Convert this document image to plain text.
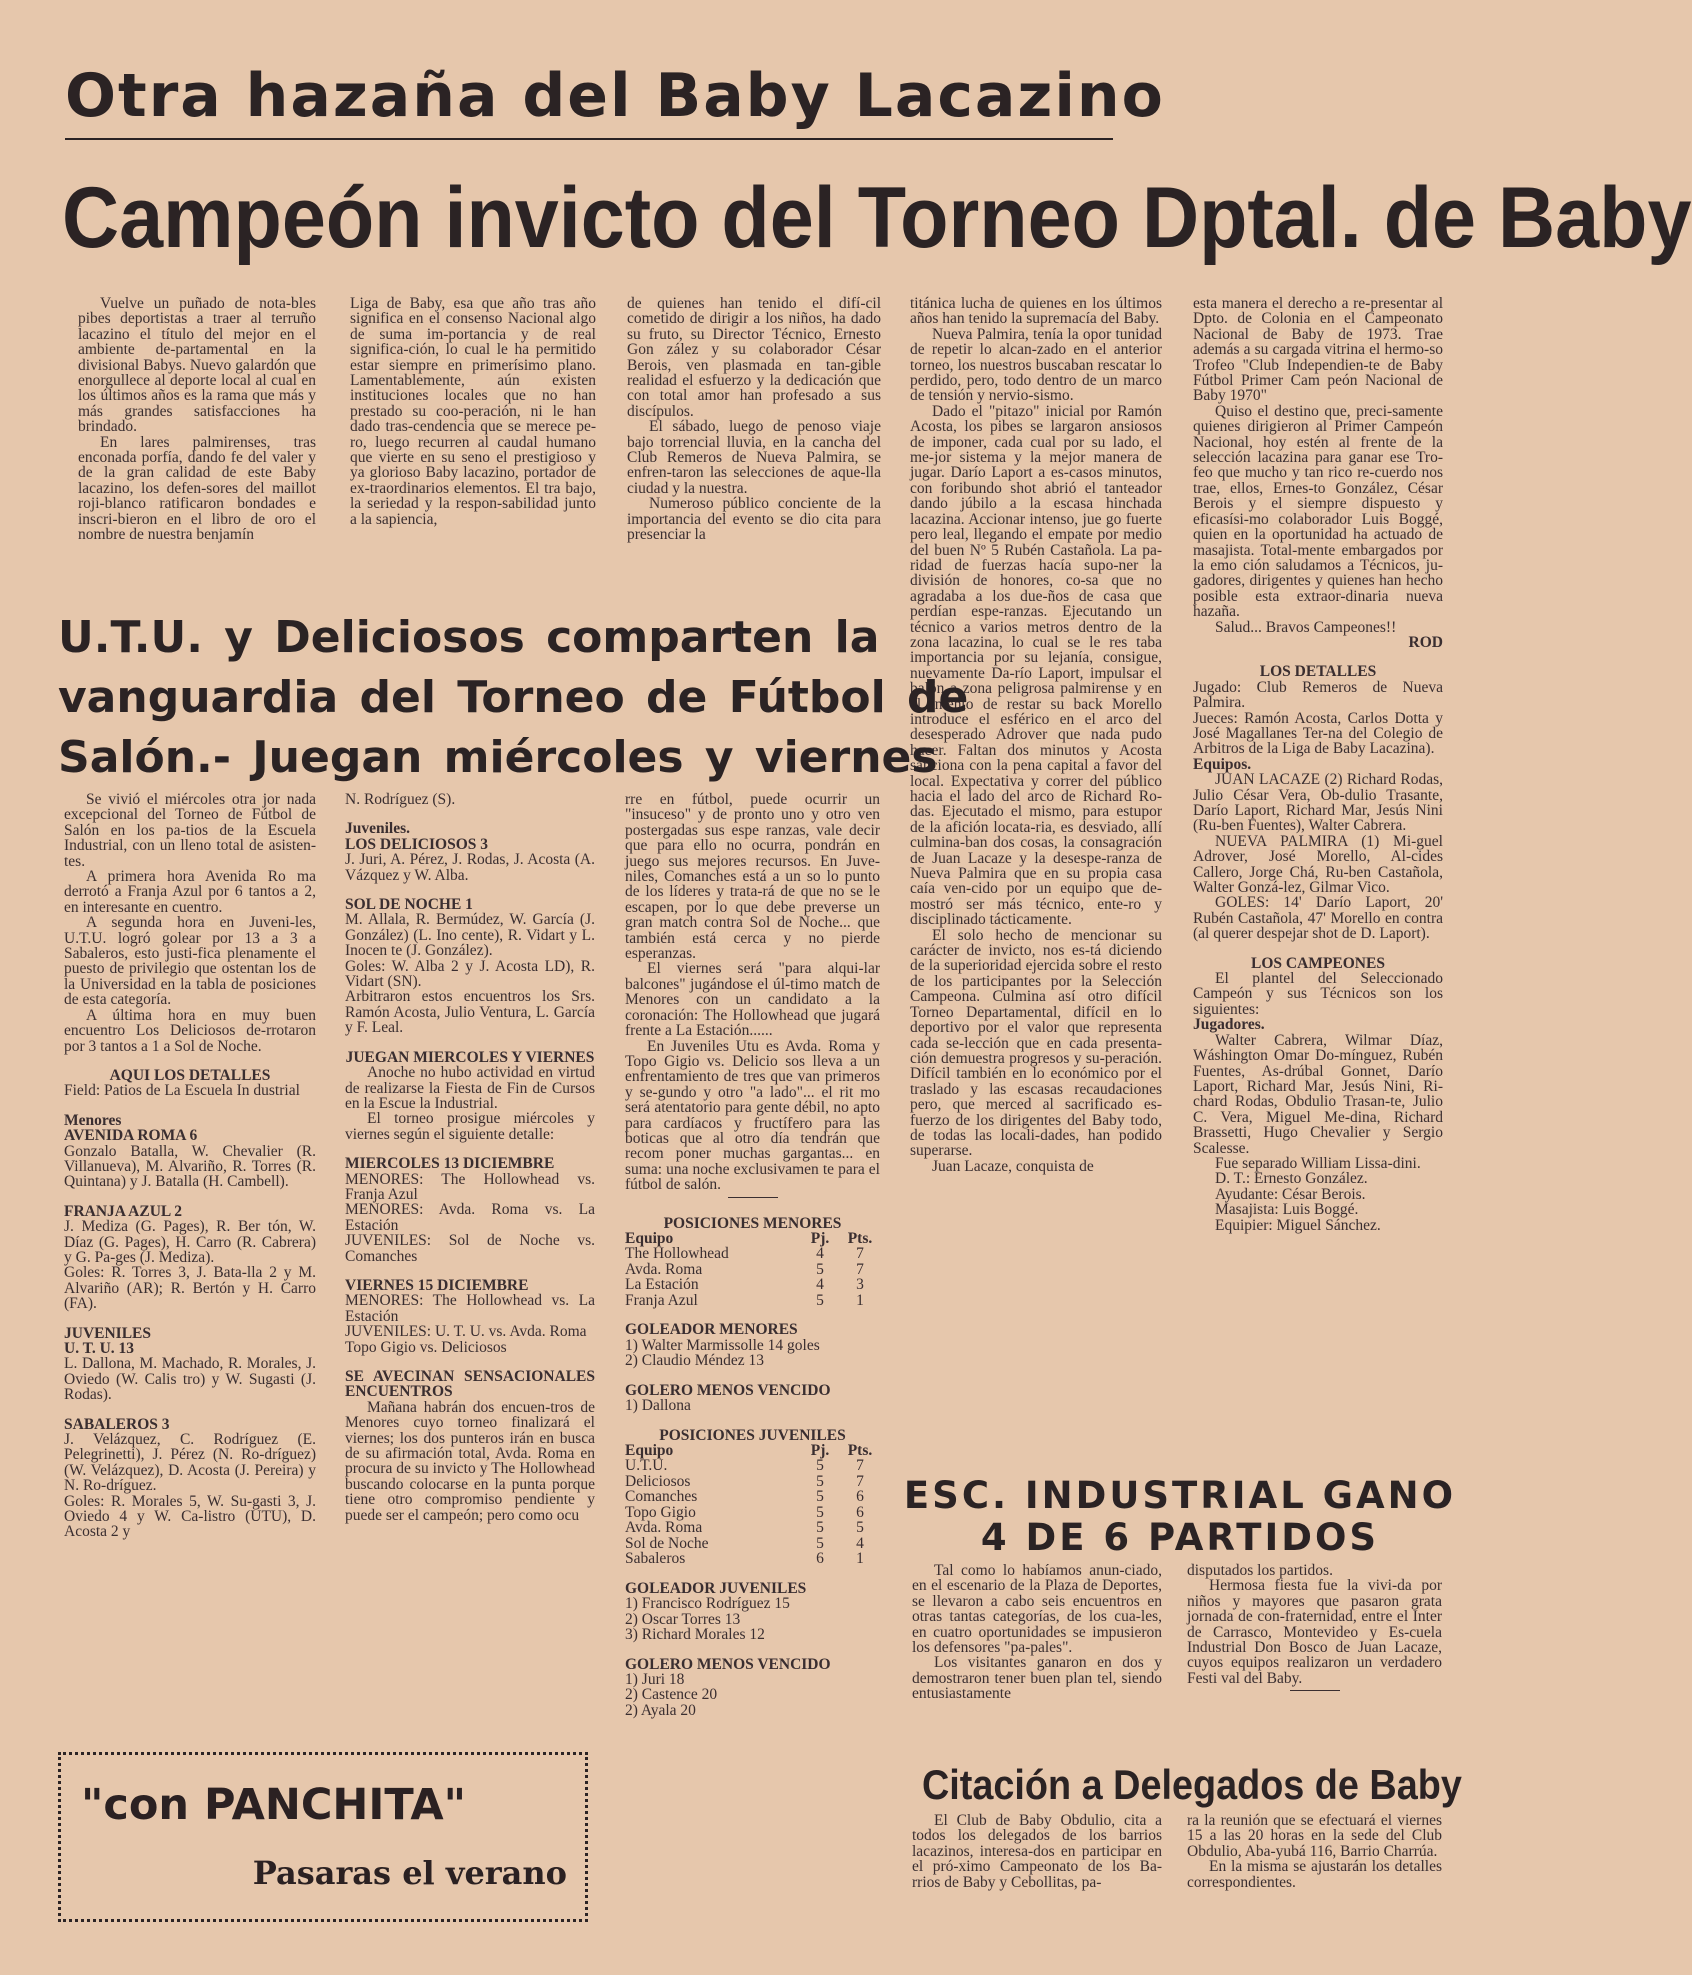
Otra hazaña del Baby Lacazino
Campeón invicto del Torneo Dptal. de Baby

Vuelve un puñado de nota-bles pibes deportistas a traer al terruño lacazino el título del mejor en el ambiente de-partamental en la divisional Babys. Nuevo galardón que enorgullece al deporte local al cual en los últimos años es la rama que más y más grandes satisfacciones ha brindado.

En lares palmirenses, tras enconada porfía, dando fe del valer y de la gran calidad de este Baby lacazino, los defen-sores del maillot roji-blanco ratificaron bondades e inscri-bieron en el libro de oro el nombre de nuestra benjamín

Liga de Baby, esa que año tras año significa en el consenso Nacional algo de suma im-portancia y de real significa-ción, lo cual le ha permitido estar siempre en primerísimo plano. Lamentablemente, aún existen instituciones locales que no han prestado su coo-peración, ni le han dado tras-cendencia que se merece pe-ro, luego recurren al caudal humano que vierte en su seno el prestigioso y ya glorioso Baby lacazino, portador de ex-traordinarios elementos. El tra bajo, la seriedad y la respon-sabilidad junto a la sapiencia,

de quienes han tenido el difí-cil cometido de dirigir a los niños, ha dado su fruto, su Director Técnico, Ernesto Gon zález y su colaborador César Berois, ven plasmada en tan-gible realidad el esfuerzo y la dedicación que con total amor han profesado a sus discípulos.

El sábado, luego de penoso viaje bajo torrencial lluvia, en la cancha del Club Remeros de Nueva Palmira, se enfren-taron las selecciones de aque-lla ciudad y la nuestra.

Numeroso público conciente de la importancia del evento se dio cita para presenciar la

titánica lucha de quienes en los últimos años han tenido la supremacía del Baby.

Nueva Palmira, tenía la opor tunidad de repetir lo alcan-zado en el anterior torneo, los nuestros buscaban rescatar lo perdido, pero, todo dentro de un marco de tensión y nervio-sismo.

Dado el "pitazo" inicial por Ramón Acosta, los pibes se largaron ansiosos de imponer, cada cual por su lado, el me-jor sistema y la mejor manera de jugar. Darío Laport a es-casos minutos, con foribundo shot abrió el tanteador dando júbilo a la escasa hinchada lacazina. Accionar intenso, jue go fuerte pero leal, llegando el empate por medio del buen Nº 5 Rubén Castañola. La pa-ridad de fuerzas hacía supo-ner la división de honores, co-sa que no agradaba a los due-ños de casa que perdían espe-ranzas. Ejecutando un técnico a varios metros dentro de la zona lacazina, lo cual se le res taba importancia por su lejanía, consigue, nuevamente Da-río Laport, impulsar el balón a zona peligrosa palmirense y en el intento de restar su back Morello introduce el esférico en el arco del desesperado Adrover que nada pudo hacer. Faltan dos minutos y Acosta sanciona con la pena capital a favor del local. Expectativa y correr del público hacia el lado del arco de Richard Ro-das. Ejecutado el mismo, para estupor de la afición locata-ria, es desviado, allí culmina-ban dos cosas, la consagración de Juan Lacaze y la desespe-ranza de Nueva Palmira que en su propia casa caía ven-cido por un equipo que de-mostró ser más técnico, ente-ro y disciplinado tácticamente.

El solo hecho de mencionar su carácter de invicto, nos es-tá diciendo de la superioridad ejercida sobre el resto de los participantes por la Selección Campeona. Culmina así otro difícil Torneo Departamental, difícil en lo deportivo por el valor que representa cada se-lección que en cada presenta-ción demuestra progresos y su-peración. Difícil también en lo económico por el traslado y las escasas recaudaciones pero, que merced al sacrificado es-fuerzo de los dirigentes del Baby todo, de todas las locali-dades, han podido superarse.

Juan Lacaze, conquista de

esta manera el derecho a re-presentar al Dpto. de Colonia en el Campeonato Nacional de Baby de 1973. Trae además a su cargada vitrina el hermo-so Trofeo "Club Independien-te de Baby Fútbol Primer Cam peón Nacional de Baby 1970"

Quiso el destino que, preci-samente quienes dirigieron al Primer Campeón Nacional, hoy estén al frente de la selección lacazina para ganar ese Tro-feo que mucho y tan rico re-cuerdo nos trae, ellos, Ernes-to González, César Berois y el siempre dispuesto y eficasísi-mo colaborador Luis Boggé, quien en la oportunidad ha actuado de masajista. Total-mente embargados por la emo ción saludamos a Técnicos, ju-gadores, dirigentes y quienes han hecho posible esta extraor-dinaria nueva hazaña.

Salud... Bravos Campeones!!

ROD

LOS DETALLES

Jugado: Club Remeros de Nueva Palmira.

Jueces: Ramón Acosta, Carlos Dotta y José Magallanes Ter-na del Colegio de Arbitros de la Liga de Baby Lacazina).

Equipos.

JUAN LACAZE (2) Richard Rodas, Julio César Vera, Ob-dulio Trasante, Darío Laport, Richard Mar, Jesús Nini (Ru-ben Fuentes), Walter Cabrera.

NUEVA PALMIRA (1) Mi-guel Adrover, José Morello, Al-cides Callero, Jorge Chá, Ru-ben Castañola, Walter Gonzá-lez, Gilmar Vico.

GOLES: 14' Darío Laport, 20' Rubén Castañola, 47' Morello en contra (al querer despejar shot de D. Laport).

LOS CAMPEONES

El plantel del Seleccionado Campeón y sus Técnicos son los siguientes:

Jugadores.

Walter Cabrera, Wilmar Díaz, Wáshington Omar Do-mínguez, Rubén Fuentes, As-drúbal Gonnet, Darío Laport, Richard Mar, Jesús Nini, Ri-chard Rodas, Obdulio Trasan-te, Julio C. Vera, Miguel Me-dina, Richard Brassetti, Hugo Chevalier y Sergio Scalesse.

Fue separado William Lissa-dini.

D. T.: Ernesto González.

Ayudante: César Berois.

Masajista: Luis Boggé.

Equipier: Miguel Sánchez.

U.T.U. y Deliciosos comparten la
vanguardia del Torneo de Fútbol de
Salón.- Juegan miércoles y viernes

Se vivió el miércoles otra jor nada excepcional del Torneo de Fútbol de Salón en los pa-tios de la Escuela Industrial, con un lleno total de asisten-tes.

A primera hora Avenida Ro ma derrotó a Franja Azul por 6 tantos a 2, en interesante en cuentro.

A segunda hora en Juveni-les, U.T.U. logró golear por 13 a 3 a Sabaleros, esto justi-fica plenamente el puesto de privilegio que ostentan los de la Universidad en la tabla de posiciones de esta categoría.

A última hora en muy buen encuentro Los Deliciosos de-rrotaron por 3 tantos a 1 a Sol de Noche.

AQUI LOS DETALLES

Field: Patios de La Escuela In dustrial

Menores

AVENIDA ROMA 6

Gonzalo Batalla, W. Chevalier (R. Villanueva), M. Alvariño, R. Torres (R. Quintana) y J. Batalla (H. Cambell).

FRANJA AZUL 2

J. Mediza (G. Pages), R. Ber tón, W. Díaz (G. Pages), H. Carro (R. Cabrera) y G. Pa-ges (J. Mediza).

Goles: R. Torres 3, J. Bata-lla 2 y M. Alvariño (AR); R. Bertón y H. Carro (FA).

JUVENILES

U. T. U. 13

L. Dallona, M. Machado, R. Morales, J. Oviedo (W. Calis tro) y W. Sugasti (J. Rodas).

SABALEROS 3

J. Velázquez, C. Rodríguez (E. Pelegrinetti), J. Pérez (N. Ro-dríguez) (W. Velázquez), D. Acosta (J. Pereira) y N. Ro-dríguez.

Goles: R. Morales 5, W. Su-gasti 3, J. Oviedo 4 y W. Ca-listro (UTU), D. Acosta 2 y

N. Rodríguez (S).

Juveniles.

LOS DELICIOSOS 3

J. Juri, A. Pérez, J. Rodas, J. Acosta (A. Vázquez y W. Alba.

SOL DE NOCHE 1

M. Allala, R. Bermúdez, W. García (J. González) (L. Ino cente), R. Vidart y L. Inocen te (J. González).

Goles: W. Alba 2 y J. Acosta LD), R. Vidart (SN).

Arbitraron estos encuentros los Srs. Ramón Acosta, Julio Ventura, L. García y F. Leal.

JUEGAN MIERCOLES Y VIERNES

Anoche no hubo actividad en virtud de realizarse la Fiesta de Fin de Cursos en la Escue la Industrial.

El torneo prosigue miércoles y viernes según el siguiente detalle:

MIERCOLES 13 DICIEMBRE

MENORES: The Hollowhead vs. Franja Azul

MENORES: Avda. Roma vs. La Estación

JUVENILES: Sol de Noche vs. Comanches

VIERNES 15 DICIEMBRE

MENORES: The Hollowhead vs. La Estación

JUVENILES: U. T. U. vs. Avda. Roma

Topo Gigio vs. Deliciosos

SE AVECINAN SENSACIONALES ENCUENTROS

Mañana habrán dos encuen-tros de Menores cuyo torneo finalizará el viernes; los dos punteros irán en busca de su afirmación total, Avda. Roma en procura de su invicto y The Hollowhead buscando colocarse en la punta porque tiene otro compromiso pendiente y puede ser el campeón; pero como ocu

rre en fútbol, puede ocurrir un "insuceso" y de pronto uno y otro ven postergadas sus espe ranzas, vale decir que para ello no ocurra, pondrán en juego sus mejores recursos. En Juve-niles, Comanches está a un so lo punto de los líderes y trata-rá de que no se le escapen, por lo que debe preverse un gran match contra Sol de Noche... que también está cerca y no pierde esperanzas.

El viernes será "para alqui-lar balcones" jugándose el úl-timo match de Menores con un candidato a la coronación: The Hollowhead que jugará frente a La Estación......

En Juveniles Utu es Avda. Roma y Topo Gigio vs. Delicio sos lleva a un enfrentamiento de tres que van primeros y se-gundo y otro "a lado"... el rit mo será atentatorio para gente débil, no apto para cardíacos y fructífero para las boticas que al otro día tendrán que recom poner muchas gargantas... en suma: una noche exclusivamen te para el fútbol de salón.

POSICIONES MENORES

Equipo	Pj.	Pts.
The Hollowhead	4	7
Avda. Roma	5	7
La Estación	4	3
Franja Azul	5	1

GOLEADOR MENORES

1) Walter Marmissolle 14 goles

2) Claudio Méndez 13

GOLERO MENOS VENCIDO

1) Dallona

POSICIONES JUVENILES

Equipo	Pj.	Pts.
U.T.U.	5	7
Deliciosos	5	7
Comanches	5	6
Topo Gigio	5	6
Avda. Roma	5	5
Sol de Noche	5	4
Sabaleros	6	1

GOLEADOR JUVENILES

1) Francisco Rodríguez 15

2) Oscar Torres 13

3) Richard Morales 12

GOLERO MENOS VENCIDO

1) Juri 18

2) Castence 20

2) Ayala 20

"con PANCHITA"
Pasaras el verano
ESC. INDUSTRIAL GANO
4 DE 6 PARTIDOS

Tal como lo habíamos anun-ciado, en el escenario de la Plaza de Deportes, se llevaron a cabo seis encuentros en otras tantas categorías, de los cua-les, en cuatro oportunidades se impusieron los defensores "pa-pales".

Los visitantes ganaron en dos y demostraron tener buen plan tel, siendo entusiastamente

disputados los partidos.

Hermosa fiesta fue la vivi-da por niños y mayores que pasaron grata jornada de con-fraternidad, entre el Inter de Carrasco, Montevideo y Es-cuela Industrial Don Bosco de Juan Lacaze, cuyos equipos realizaron un verdadero Festi val del Baby.

Citación a Delegados de Baby

El Club de Baby Obdulio, cita a todos los delegados de los barrios lacazinos, interesa-dos en participar en el pró-ximo Campeonato de los Ba-rrios de Baby y Cebollitas, pa-

ra la reunión que se efectuará el viernes 15 a las 20 horas en la sede del Club Obdulio, Aba-yubá 116, Barrio Charrúa.

En la misma se ajustarán los detalles correspondientes.
